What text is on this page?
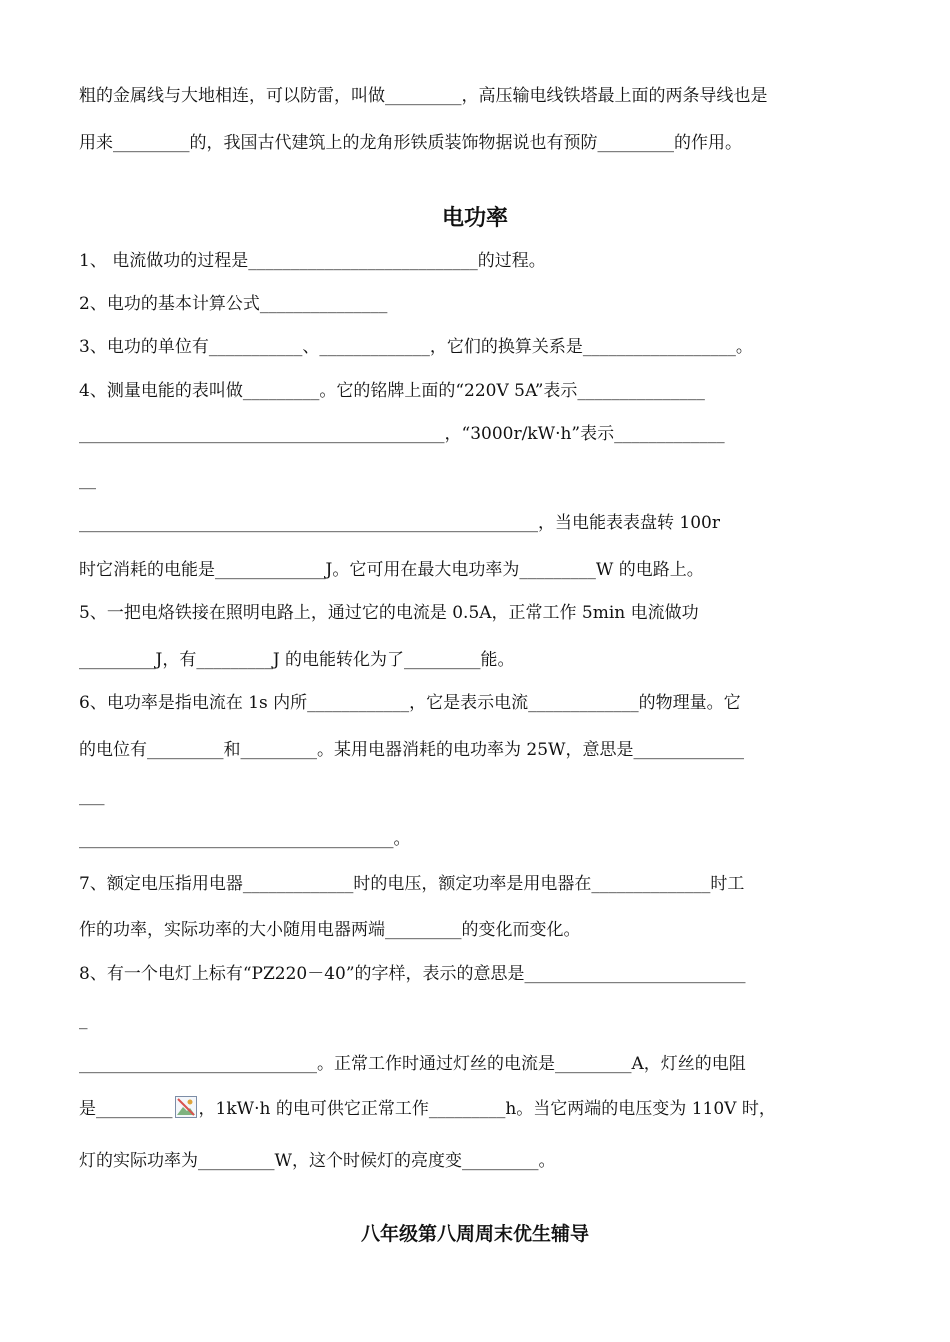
粗的金属线与大地相连，可以防雷，叫做_________，高压输电线铁塔最上面的两条导线也是
用来_________的，我国古代建筑上的龙角形铁质装饰物据说也有预防_________的作用。
电功率
1、 电流做功的过程是___________________________的过程。
2、电功的基本计算公式_______________
3、电功的单位有___________、_____________，它们的换算关系是__________________。
4、测量电能的表叫做_________。它的铭牌上面的“220V 5A”表示_______________
___________________________________________，“3000r/kW·h”表示_____________
__
______________________________________________________，当电能表表盘转 100r
时它消耗的电能是_____________J。它可用在最大电功率为_________W 的电路上。
5、一把电烙铁接在照明电路上，通过它的电流是 0.5A，正常工作 5min 电流做功
_________J，有_________J 的电能转化为了_________能。
6、电功率是指电流在 1s 内所____________，它是表示电流_____________的物理量。它
的电位有_________和_________。某用电器消耗的电功率为 25W，意思是_____________
___
_____________________________________。
7、额定电压指用电器_____________时的电压，额定功率是用电器在______________时工
作的功率，实际功率的大小随用电器两端_________的变化而变化。
8、有一个电灯上标有“PZ220－40”的字样，表示的意思是__________________________
_
____________________________。正常工作时通过灯丝的电流是_________A，灯丝的电阻
是_________ ，1kW·h 的电可供它正常工作_________h。当它两端的电压变为 110V 时，
灯的实际功率为_________W，这个时候灯的亮度变_________。
八年级第八周周末优生辅导
